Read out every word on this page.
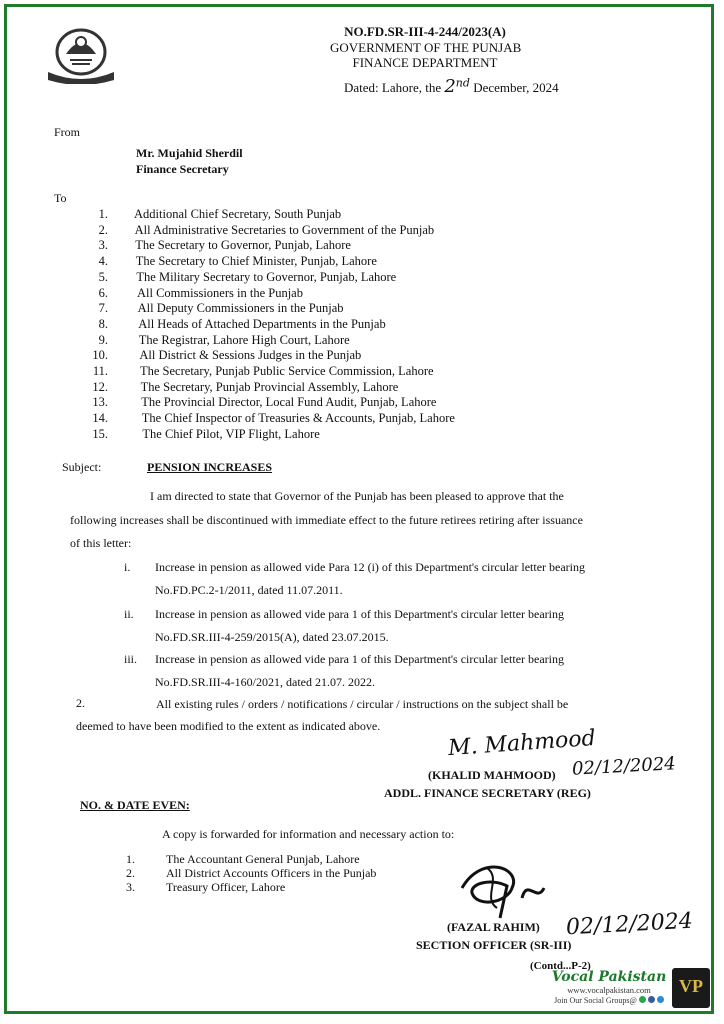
NO.FD.SR-III-4-244/2023(A)
GOVERNMENT OF THE PUNJAB
FINANCE DEPARTMENT
Dated: Lahore, the 2nd December, 2024
From
Mr. Mujahid Sherdil
Finance Secretary
To
1. Additional Chief Secretary, South Punjab
2. All Administrative Secretaries to Government of the Punjab
3. The Secretary to Governor, Punjab, Lahore
4. The Secretary to Chief Minister, Punjab, Lahore
5. The Military Secretary to Governor, Punjab, Lahore
6. All Commissioners in the Punjab
7. All Deputy Commissioners in the Punjab
8. All Heads of Attached Departments in the Punjab
9. The Registrar, Lahore High Court, Lahore
10.	All District & Sessions Judges in the Punjab
11.	The Secretary, Punjab Public Service Commission, Lahore
12.	The Secretary, Punjab Provincial Assembly, Lahore
13.	The Provincial Director, Local Fund Audit, Punjab, Lahore
14.	The Chief Inspector of Treasuries & Accounts, Punjab, Lahore
15.	The Chief Pilot, VIP Flight, Lahore
Subject:	PENSION INCREASES
I am directed to state that Governor of the Punjab has been pleased to approve that the
following increases shall be discontinued with immediate effect to the future retirees retiring after issuance
of this letter:
i. Increase in pension as allowed vide Para 12 (i) of this Department's circular letter bearing
No.FD.PC.2-1/2011, dated 11.07.2011.
ii. Increase in pension as allowed vide para 1 of this Department's circular letter bearing
No.FD.SR.III-4-259/2015(A), dated 23.07.2015.
iii. Increase in pension as allowed vide para 1 of this Department's circular letter bearing
No.FD.SR.III-4-160/2021, dated 21.07. 2022.
2.	All existing rules / orders / notifications / circular / instructions on the subject shall be
deemed to have been modified to the extent as indicated above.	M. Mahmood
(KHALID MAHMOOD) 02/12/2024
ADDL. FINANCE SECRETARY (REG)
NO. & DATE EVEN:
A copy is forwarded for information and necessary action to:
1.	The Accountant General Punjab, Lahore
2.	All District Accounts Officers in the Punjab
3.	Treasury Officer, Lahore
(FAZAL RAHIM) 02/12/2024
SECTION OFFICER (SR-III)
(Contd...P-2)
Vocal Pakistan
www.vocalpakistan.com
Join Our Social Groups@
VP
